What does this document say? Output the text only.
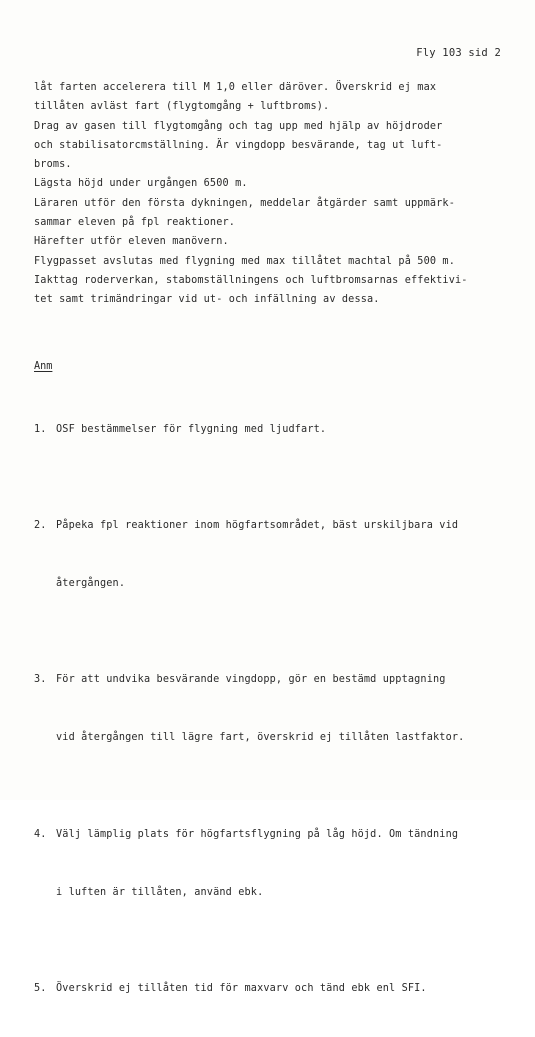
Fly 103 sid 2
låt farten accelerera till M 1,0 eller däröver. Överskrid ej max
tillåten avläst fart (flygtomgång + luftbroms).
Drag av gasen till flygtomgång och tag upp med hjälp av höjdroder
och stabilisatorcmställning. Är vingdopp besvärande, tag ut luft-
broms.
Lägsta höjd under urgången 6500 m.
Läraren utför den första dykningen, meddelar åtgärder samt uppmärk-
sammar eleven på fpl reaktioner.
Härefter utför eleven manövern.
Flygpasset avslutas med flygning med max tillåtet machtal på 500 m.
Iakttag roderverkan, stabomställningens och luftbromsarnas effektivi-
tet samt trimändringar vid ut- och infällning av dessa.
Anm

1. OSF bestämmelser för flygning med ljudfart.

2. Påpeka fpl reaktioner inom högfartsområdet, bäst urskiljbara vid

återgången.

3. För att undvika besvärande vingdopp, gör en bestämd upptagning

vid återgången till lägre fart, överskrid ej tillåten lastfaktor.

4. Välj lämplig plats för högfartsflygning på låg höjd. Om tändning

i luften är tillåten, använd ebk.

5. Överskrid ej tillåten tid för maxvarv och tänd ebk enl SFI.
